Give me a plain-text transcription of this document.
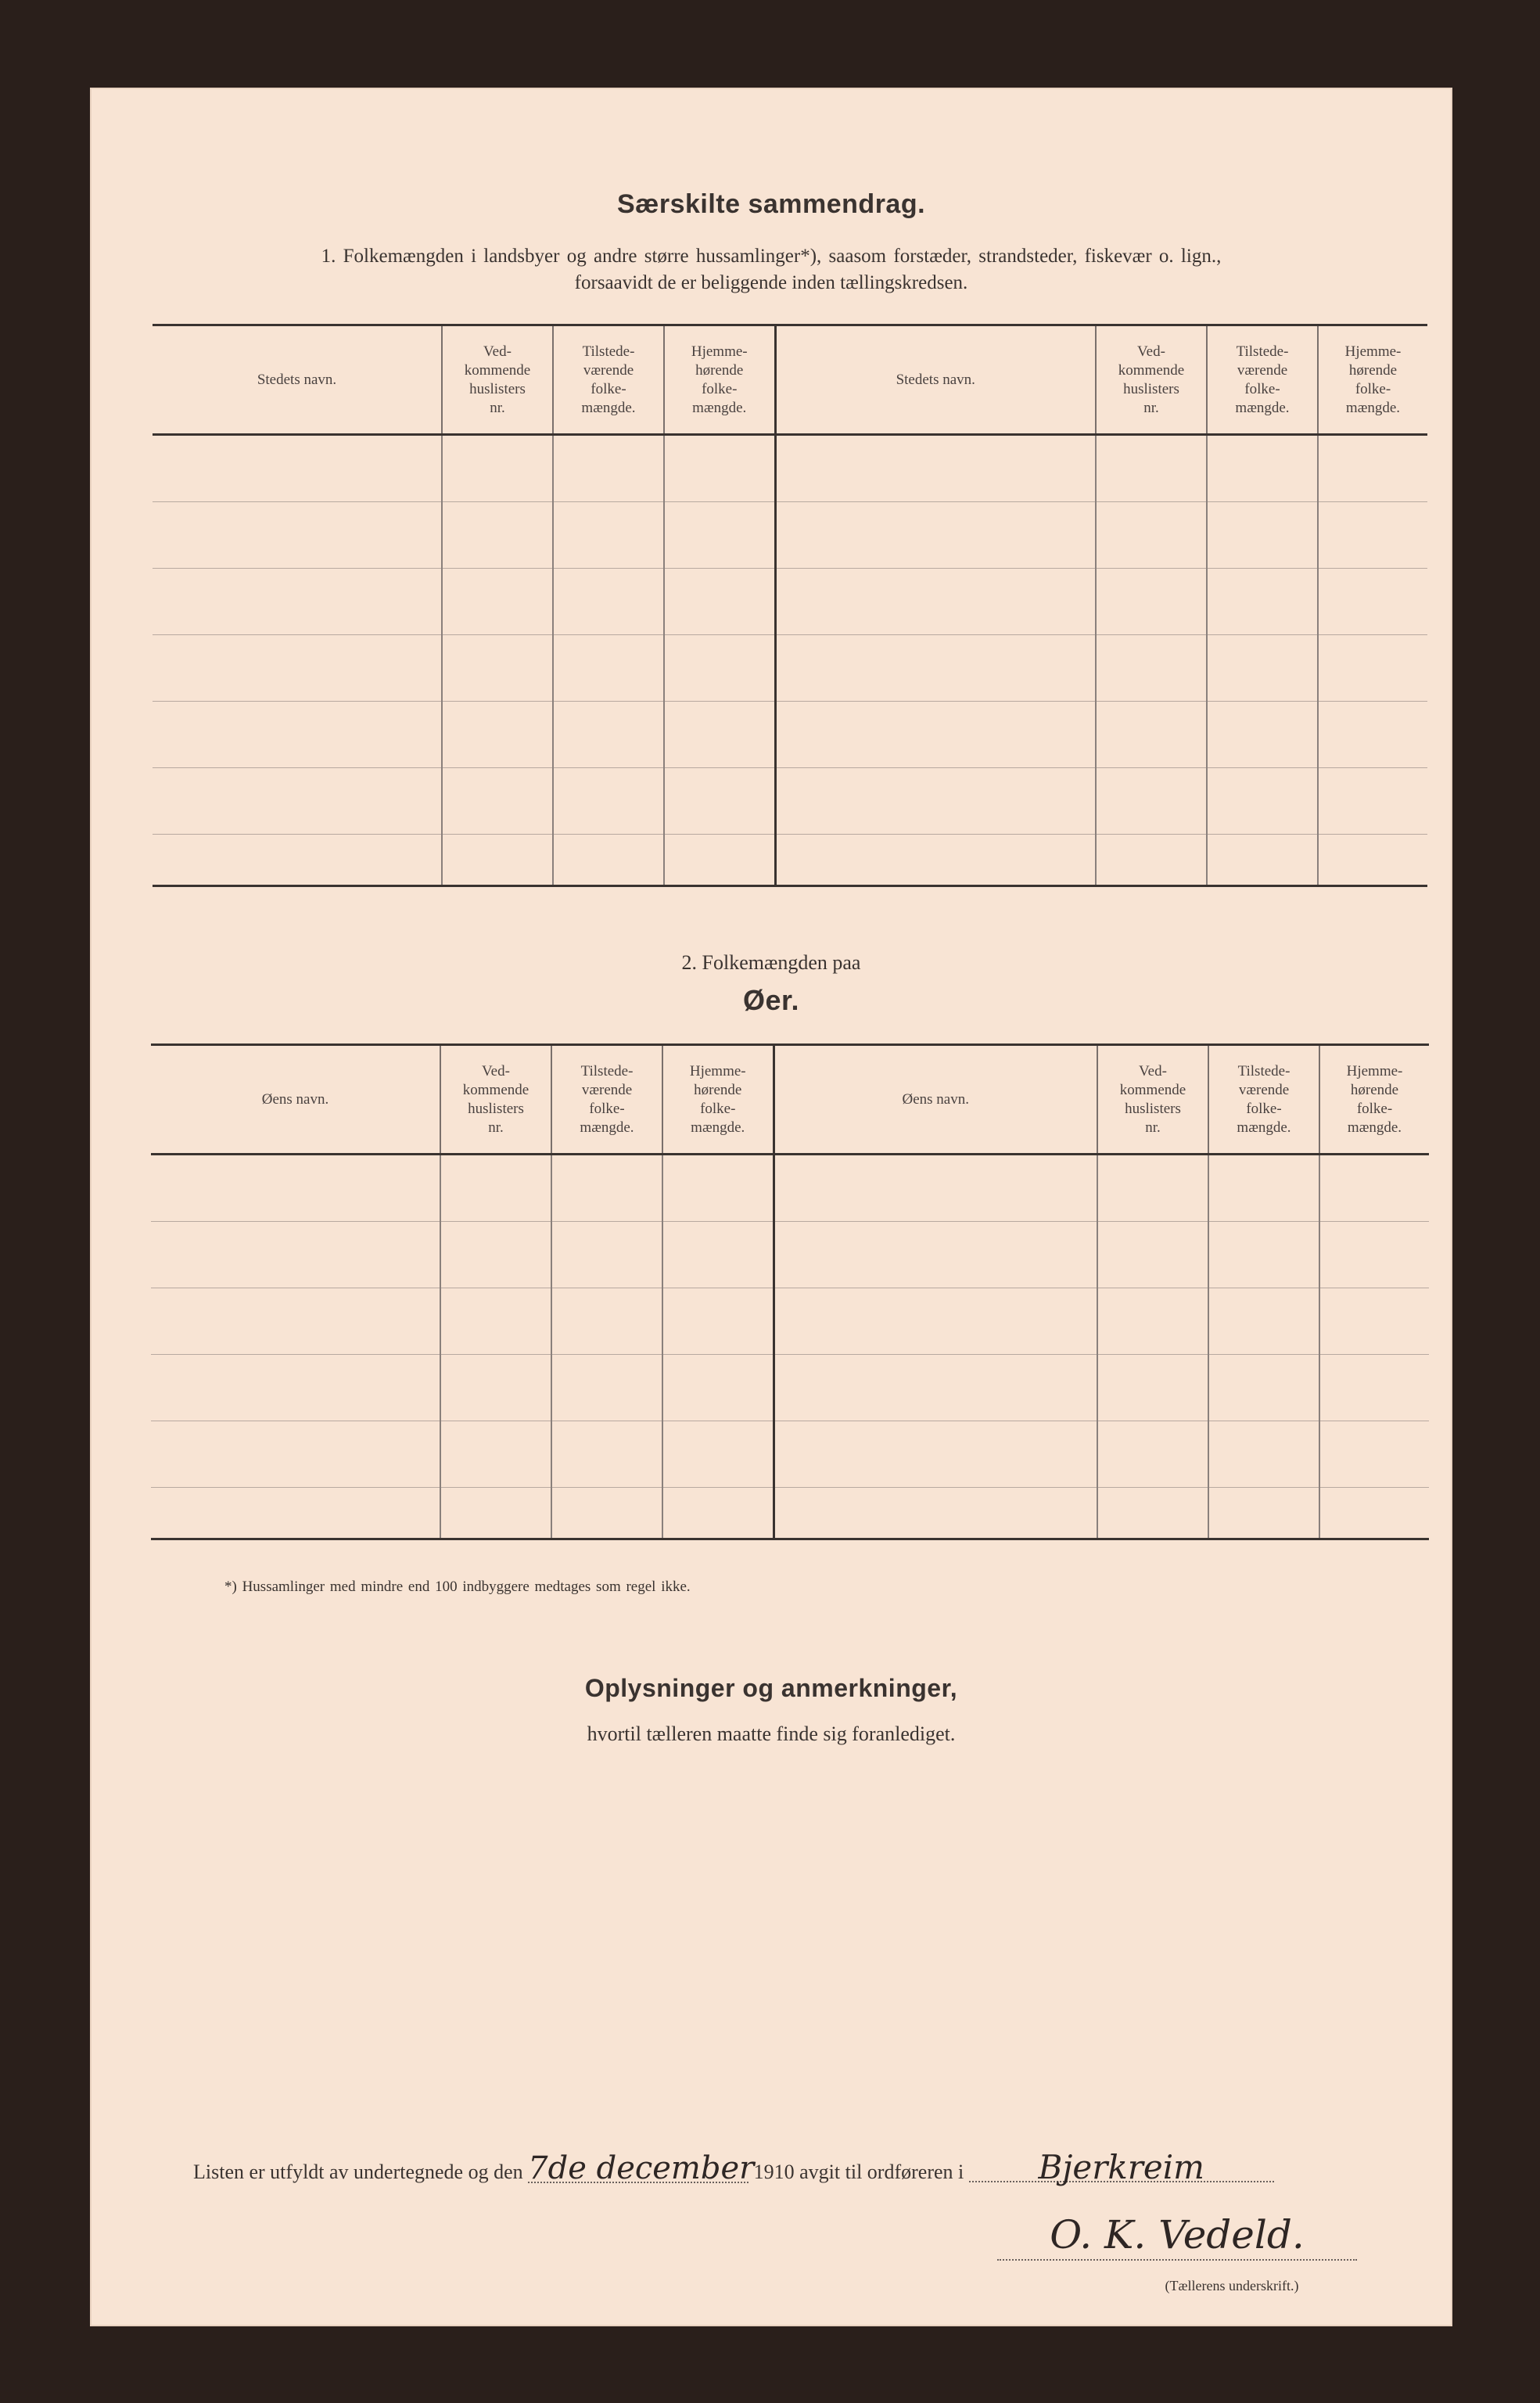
Særskilte sammendrag.
1. Folkemængden i landsbyer og andre større hussamlinger*), saasom forstæder, strandsteder, fiskevær o. lign.,
forsaavidt de er beliggende inden tællingskredsen.
Stedets navn.	Ved-
kommende
huslisters
nr.	Tilstede-
værende
folke-
mængde.	Hjemme-
hørende
folke-
mængde.	Stedets navn.	Ved-
kommende
huslisters
nr.	Tilstede-
værende
folke-
mængde.	Hjemme-
hørende
folke-
mængde.

2. Folkemængden paa
Øer.
Øens navn.	Ved-
kommende
huslisters
nr.	Tilstede-
værende
folke-
mængde.	Hjemme-
hørende
folke-
mængde.	Øens navn.	Ved-
kommende
huslisters
nr.	Tilstede-
værende
folke-
mængde.	Hjemme-
hørende
folke-
mængde.

*) Hussamlinger med mindre end 100 indbyggere medtages som regel ikke.
Oplysninger og anmerkninger,
hvortil tælleren maatte finde sig foranlediget.
Listen er utfyldt av undertegnede og den 7de december 1910 avgit til ordføreren i Bjerkreim
O. K. Vedeld.
(Tællerens underskrift.)
